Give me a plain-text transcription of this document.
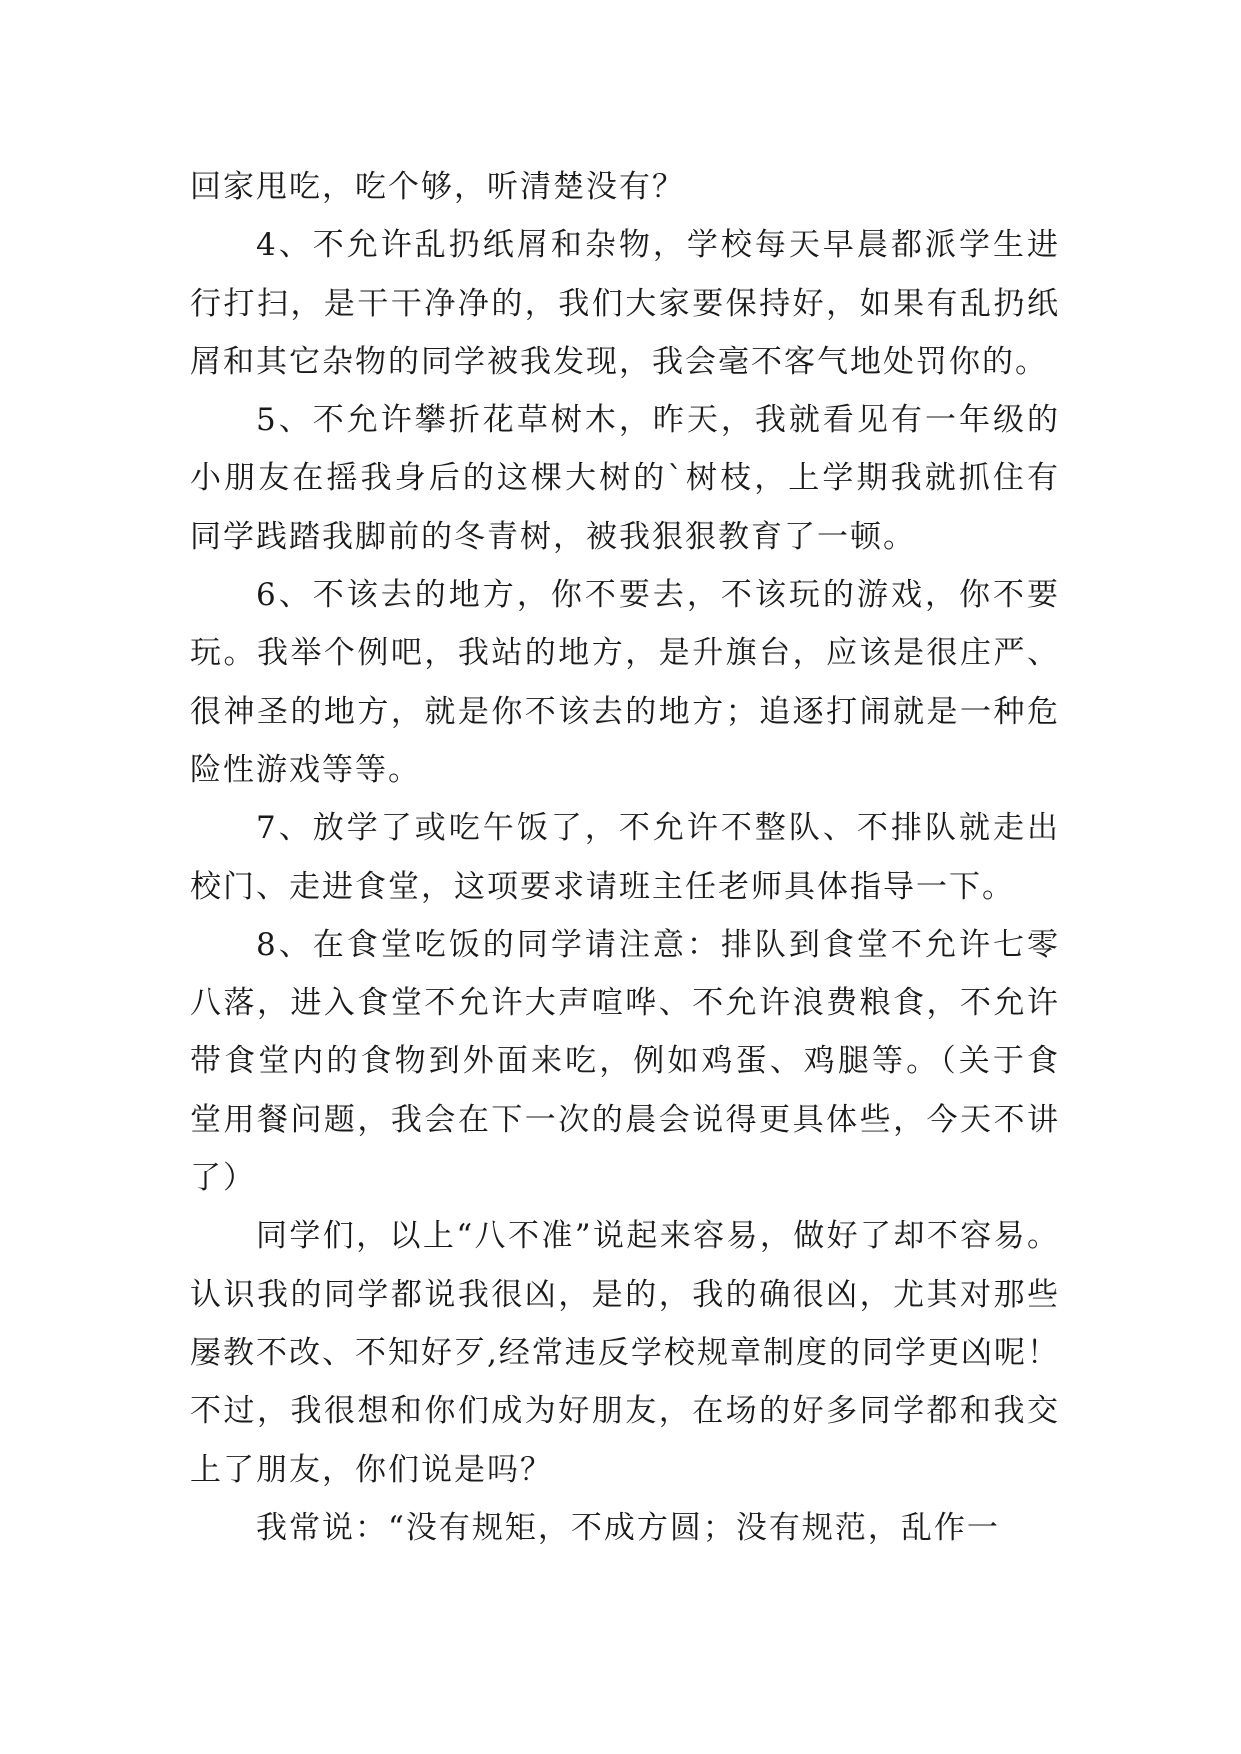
回家甩吃，吃个够，听清楚没有？

4、不允许乱扔纸屑和杂物，学校每天早晨都派学生进行打扫，是干干净净的，我们大家要保持好，如果有乱扔纸屑和其它杂物的同学被我发现，我会毫不客气地处罚你的。

5、不允许攀折花草树木，昨天，我就看见有一年级的小朋友在摇我身后的这棵大树的`树枝，上学期我就抓住有同学践踏我脚前的冬青树，被我狠狠教育了一顿。

6、不该去的地方，你不要去，不该玩的游戏，你不要玩。我举个例吧，我站的地方，是升旗台，应该是很庄严、很神圣的地方，就是你不该去的地方；追逐打闹就是一种危险性游戏等等。

7、放学了或吃午饭了，不允许不整队、不排队就走出校门、走进食堂，这项要求请班主任老师具体指导一下。

8、在食堂吃饭的同学请注意：排队到食堂不允许七零八落，进入食堂不允许大声喧哗、不允许浪费粮食，不允许带食堂内的食物到外面来吃，例如鸡蛋、鸡腿等。（关于食堂用餐问题，我会在下一次的晨会说得更具体些，今天不讲了）

同学们，以上“八不准”说起来容易，做好了却不容易。认识我的同学都说我很凶，是的，我的确很凶，尤其对那些屡教不改、不知好歹,经常违反学校规章制度的同学更凶呢！不过，我很想和你们成为好朋友，在场的好多同学都和我交上了朋友，你们说是吗？

我常说：“没有规矩，不成方圆；没有规范，乱作一
